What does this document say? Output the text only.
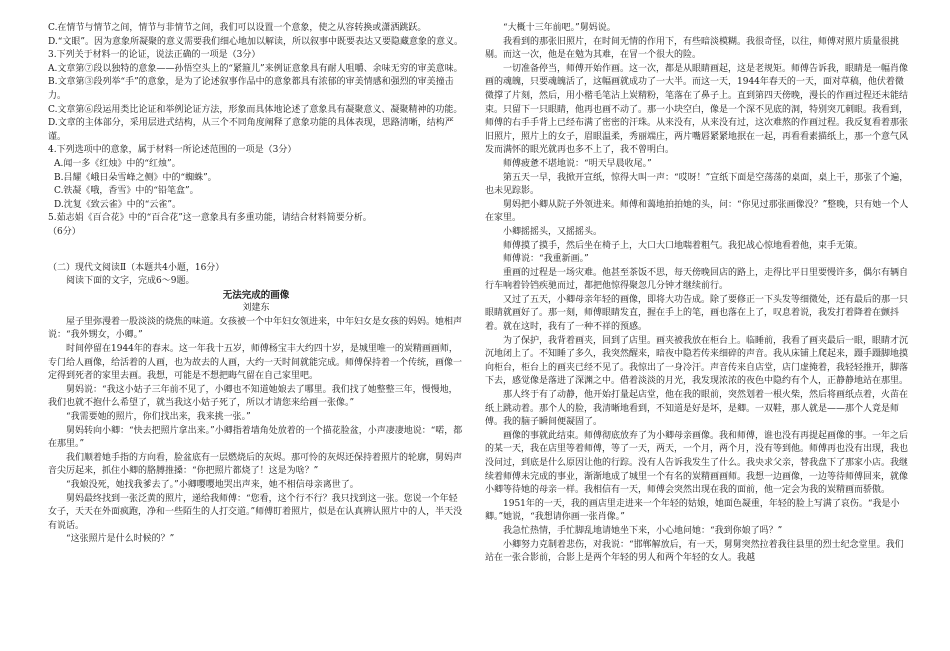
C.在情节与情节之间，情节与非情节之间，我们可以设置一个意象，使之从容转换或潇洒跳跃。

D.“文眼”。因为意象所凝聚的意义需要我们细心地加以解读，所以叙事中既要表达又要隐藏意象的意义。

3.下列关于材料一的论证，说法正确的一项是（3分）

A.文章第⑦段以独特的意象——孙悟空头上的“紧箍儿”来例证意象具有耐人咀嚼、余味无穷的审美意味。

B.文章第③段列举“手”的意象，是为了论述叙事作品中的意象都具有浓郁的审美情感和强烈的审美撞击力。

C.文章第⑥段运用类比论证和举例论证方法，形象而具体地论述了意象具有凝聚意义、凝聚精神的功能。

D.文章的主体部分，采用层进式结构，从三个不同角度阐释了意象功能的具体表现，思路清晰，结构严谨。

4.下列选项中的意象，属于材料一所论述范围的一项是（3分）

A.闻一多《红烛》中的“红烛”。

B.吕耀《峨日朵雪峰之侧》中的“蜘蛛”。

C.铁凝《哦，香雪》中的“铅笔盒”。

D.沈复《致云雀》中的“云雀”。

5.茹志娟《百合花》中的“百合花”这一意象具有多重功能，请结合材料简要分析。

（6分）

（二）现代文阅读Ⅱ（本题共4小题，16分）

阅读下面的文字，完成6～9题。

无法完成的画像

刘建东

屋子里弥漫着一股淡淡的烧焦的味道。女孩被一个中年妇女领进来，中年妇女是女孩的妈妈。她相声说：“我外甥女，小卿。”

时间停留在1944年的春末。这一年我十五岁，师傅杨宝丰大约四十岁，是城里唯一的炭精画画师，专门给人画像，给活着的人画，也为故去的人画，大约一天时间就能完成。师傅保持着一个传统，画像一定得到死者的家里去画。我想，可能是不想把晦气留在自己家里吧。

舅妈说：“我这小姑子三年前不见了，小卿也不知道她娘去了哪里。我们找了她整整三年，慢慢地，我们也就不抱什么希望了，就当我这小姑子死了，所以才请您来给画一张像。”

“我需要她的照片，你们找出来，我来挑一张。”

舅妈转向小卿：“快去把照片拿出来。”小卿指着墙角处放着的一个描花脸盆，小声凄凄地说：“喏，都在那里。”

我们顺着她手指的方向看，脸盆底有一层燃烧后的灰烬。那可怜的灰烬还保持着照片的轮廓，舅妈声音尖厉起来，抓住小卿的胳膊推搡：“你把照片都烧了！这是为啥？”

“我娘没死，她找我爹去了。”小卿嘤嘤地哭出声来，她不相信母亲离世了。

舅妈最终找到一张泛黄的照片，递给我师傅：“您看，这个行不行？我只找到这一张。您说一个年轻女子，天天在外面疯跑，净和一些陌生的人打交道。”师傅盯着照片，似是在认真辨认照片中的人，半天没有说话。

“这张照片是什么时候的？”

“大概十三年前吧。”舅妈说。

我看到的那张旧照片，在时间无情的作用下，有些暗淡模糊。我很奇怪，以往，师傅对照片质量很挑剔。而这一次，他是在勉为其难，在冒一个很大的险。

一切准备停当，师傅开始作画。这一次，都是从眼睛画起，这是老规矩。师傅告诉我，眼睛是一幅肖像画的魂魄，只要魂魄活了，这幅画就成功了一大半。而这一天，1944年春天的一天，面对草稿，他伏着微微撑了片刻，然后，用小楷毛笔沾上炭精粉，笔落在了鼻子上。直到第四天傍晚，漫长的作画过程还未能结束。只留下一只眼睛，他再也画不动了。那一小块空白，像是一个深不见底的洞，特别突兀刺眼。我看到，师傅的右手手背上已经布满了密密的汗珠。从来没有，从来没有过，这次难熬的作画过程。我反复看着那张旧照片，照片上的女子，眉眼温柔，秀丽端庄，两片嘴唇紧紧地抿在一起，再看看素描纸上，那一个意气风发而满怀的眼光就再也多不上了，我不曾明白。

师傅疲惫不堪地说：“明天早晨收尾。”

第五天一早，我掀开宣纸，惊得大叫一声：“哎呀！”宣纸下面是空荡荡的桌面，桌上干，那张了个遍，也未见踪影。

舅妈把小卿从院子外领进来。师傅和蔼地拍拍她的头，问：“你见过那张画像没？”整晚，只有她一个人在家里。

小卿摇摇头，又摇摇头。

师傅摸了摸手，然后坐在椅子上，大口大口地喘着粗气。我犯战心惊地看着他，束手无策。

师傅说：“我重新画。”

重画的过程是一场灾难。他甚至茶饭不思，每天傍晚回店的路上，走得比平日里要慢许多，偶尔有辆自行车响着铃铛疾驰而过，都把他惊得聚忽几分钟才继续前行。

又过了五天，小卿母亲年轻的画像，即将大功告成。除了要修正一下头发等细微处，还有最后的那一只眼睛就画好了。那一刻，师傅眼睛发直，握在手上的笔，画也落在上了，叹息着说，我发打着降着在颤抖着。就在这时，我有了一种不祥的预感。

为了保护，我背着画夹，回到了店里。画夹被我放在柜台上。临睡前，我看了画夹最后一眼，眼睛才沉沉地闭上了。不知睡了多久，我突然醒来，暗夜中隐若传来细碎的声音。我从床铺上爬起来，蹑手蹑脚地摸向柜台，柜台上的画夹已经不见了。我惊出了一身冷汗。声音传来自店堂，店门虚掩着，我轻轻推开，脚落下去，感觉像是落进了深渊之中。借着淡淡的月光，我发现浓浓的夜色中隐约有个人，正静静地站在那里。

那人终于有了动静，他开始打量起店堂，他在我的眼前，突然划着一根火柴，然后将画纸点着，火苗在纸上跳动着。那个人的脸，我清晰地看到，不知道是好是坏，是卿。一双鞋，那人就是——那个人竟是师傅。我的脑子瞬间便凝固了。

画像的事就此结束。师傅彻底放弃了为小卿母亲画像。我和师傅，谁也没有再提起画像的事。一年之后的某一天，我在店里等着师傅，等了一天，两天，一个月，两个月，没有等到他。师傅再也没有出现，我也没问过，到底是什么原因让他的行踪。没有人告诉我发生了什么。我央求父亲，替我盘下了那家小店。我继续着师傅未完成的事业，渐渐地成了城里一个有名的炭精画画师。我想一边画像，一边等待师傅回来，就像小卿等待她的母亲一样。我相信有一天，师傅会突然出现在我的面前，他一定会为我的炭精画而骄傲。

1951年的一天，我的画店里走进来一个年轻的姑娘，她面色凝重，年轻的脸上写满了哀伤。“我是小卿。”她说，“我想请你画一张肖像。”

我急忙热情，手忙脚乱地请她坐下来，小心地问她：“我到你娘了吗？”

小卿努力克制着悲伤，对我说：“邯郸解放后，有一天，舅舅突然拉着我往县里的烈士纪念堂里。我们站在一张合影前，合影上是两个年轻的男人和两个年轻的女人。我越
